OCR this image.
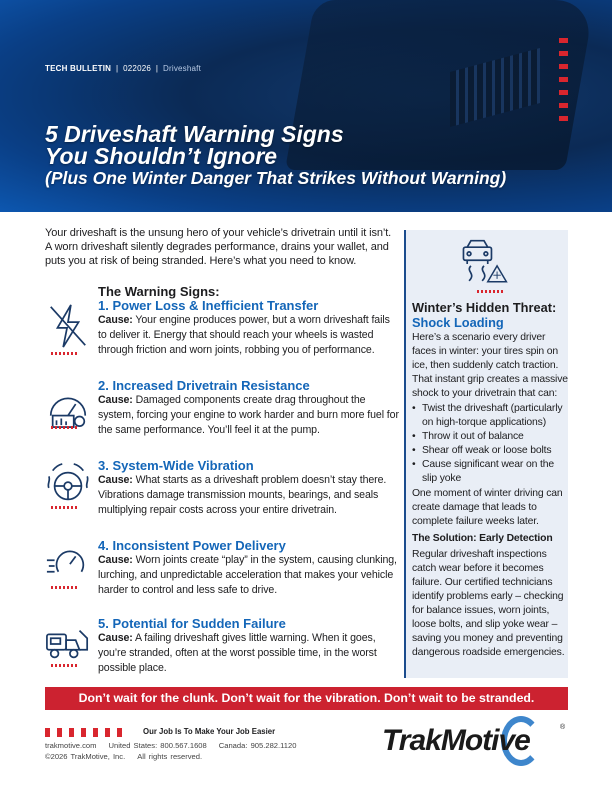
TECH BULLETIN  |  022026  |  Driveshaft
5 Driveshaft Warning Signs
You Shouldn’t Ignore
(Plus One Winter Danger That Strikes Without Warning)

Your driveshaft is the unsung hero of your vehicle’s drivetrain until it isn’t. A worn driveshaft silently degrades performance, drains your wallet, and puts you at risk of being stranded. Here’s what you need to know.

The Warning Signs:
1. Power Loss & Inefficient Transfer

Cause: Your engine produces power, but a worn driveshaft fails to deliver it. Energy that should reach your wheels is wasted through friction and worn joints, robbing you of performance.

2. Increased Drivetrain Resistance

Cause: Damaged components create drag throughout the system, forcing your engine to work harder and burn more fuel for the same performance. You’ll feel it at the pump.

3. System-Wide Vibration

Cause: What starts as a driveshaft problem doesn’t stay there. Vibrations damage transmission mounts, bearings, and seals multiplying repair costs across your entire drivetrain.

4. Inconsistent Power Delivery

Cause: Worn joints create “play” in the system, causing clunking, lurching, and unpredictable acceleration that makes your vehicle harder to control and less safe to drive.

5. Potential for Sudden Failure

Cause: A failing driveshaft gives little warning. When it goes, you’re stranded, often at the worst possible time, in the worst possible place.

Winter’s Hidden Threat:
Shock Loading

Here’s a scenario every driver faces in winter: your tires spin on ice, then suddenly catch traction. That instant grip creates a massive shock to your drivetrain that can:

• Twist the driveshaft (particularly on high-torque applications)
• Throw it out of balance
• Shear off weak or loose bolts
• Cause significant wear on the slip yoke

One moment of winter driving can create damage that leads to complete failure weeks later.

The Solution: Early Detection

Regular driveshaft inspections catch wear before it becomes failure. Our certified technicians identify problems early – checking for balance issues, worn joints, loose bolts, and slip yoke wear – saving you money and preventing dangerous roadside emergencies.

Don’t wait for the clunk. Don’t wait for the vibration. Don’t wait to be stranded.
Our Job Is To Make Your Job Easier
trakmotive.com United States: 800.567.1608 Canada: 905.282.1120
©2026 TrakMotive, Inc. All rights reserved.	TrakMotive	®
